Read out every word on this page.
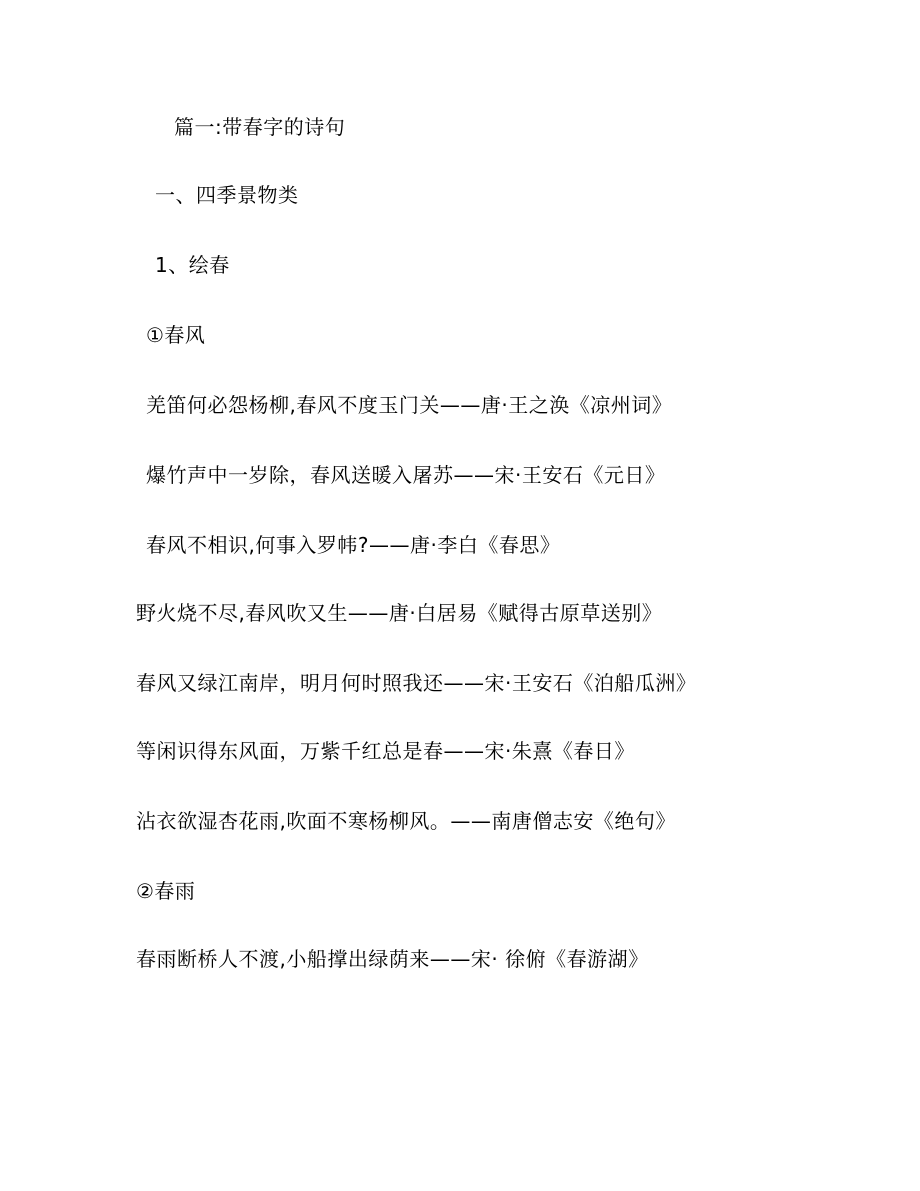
篇一:带春字的诗句
一、四季景物类
1、绘春
①春风
羌笛何必怨杨柳,春风不度玉门关——唐·王之涣《凉州词》
爆竹声中一岁除，春风送暖入屠苏——宋·王安石《元日》
春风不相识,何事入罗帏?——唐·李白《春思》
野火烧不尽,春风吹又生——唐·白居易《赋得古原草送别》
春风又绿江南岸，明月何时照我还——宋·王安石《泊船瓜洲》
等闲识得东风面，万紫千红总是春——宋·朱熹《春日》
沾衣欲湿杏花雨,吹面不寒杨柳风。——南唐僧志安《绝句》
②春雨
春雨断桥人不渡,小船撑出绿荫来——宋· 徐俯《春游湖》
